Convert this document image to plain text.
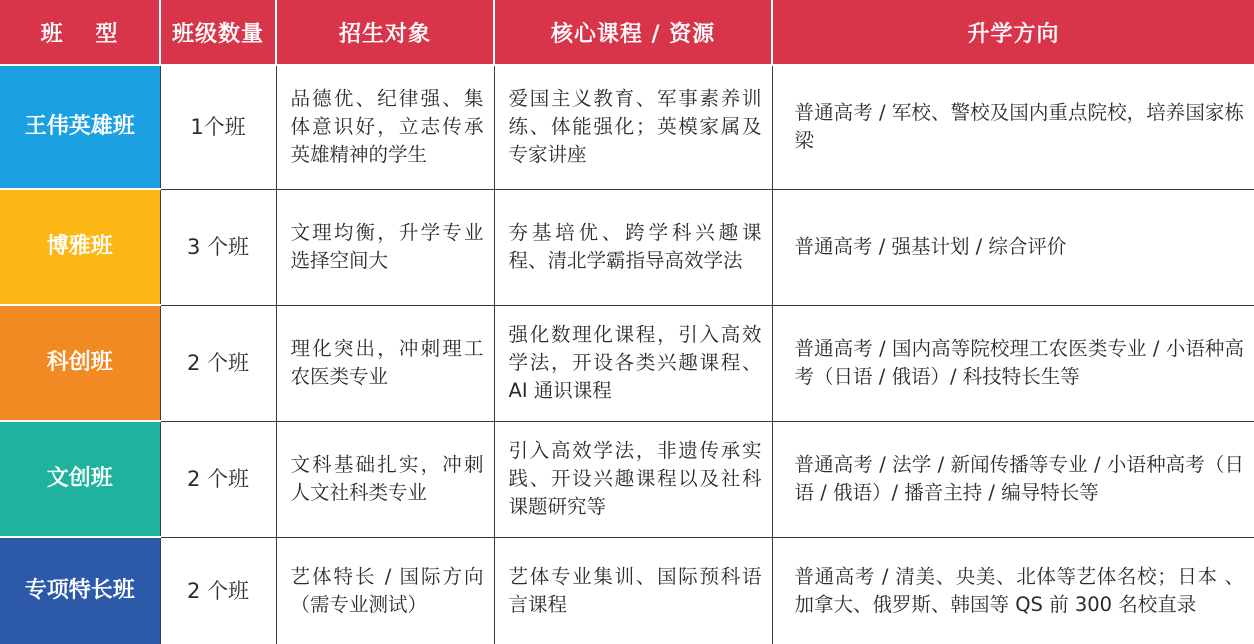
班　 型	班级数量	招生对象	核心课程 / 资源	升学方向
王伟英雄班	1个班	品德优、纪律强、集体意识好，立志传承英雄精神的学生	爱国主义教育、军事素养训练、体能强化；英模家属及专家讲座	普通高考 / 军校、警校及国内重点院校，培养国家栋梁
博雅班	3 个班	文理均衡，升学专业选择空间大	夯基培优、跨学科兴趣课程、清北学霸指导高效学法	普通高考 / 强基计划 / 综合评价
科创班	2 个班	理化突出，冲刺理工农医类专业	强化数理化课程，引入高效学法，开设各类兴趣课程、AI 通识课程	普通高考 / 国内高等院校理工农医类专业 / 小语种高考（日语 / 俄语）/ 科技特长生等
文创班	2 个班	文科基础扎实，冲刺人文社科类专业	引入高效学法，非遗传承实践、开设兴趣课程以及社科课题研究等	普通高考 / 法学 / 新闻传播等专业 / 小语种高考（日语 / 俄语）/ 播音主持 / 编导特长等
专项特长班	2 个班	艺体特长 / 国际方向（需专业测试）	艺体专业集训、国际预科语言课程	普通高考 / 清美、央美、北体等艺体名校；日本 、加拿大、俄罗斯、韩国等 QS 前 300 名校直录
